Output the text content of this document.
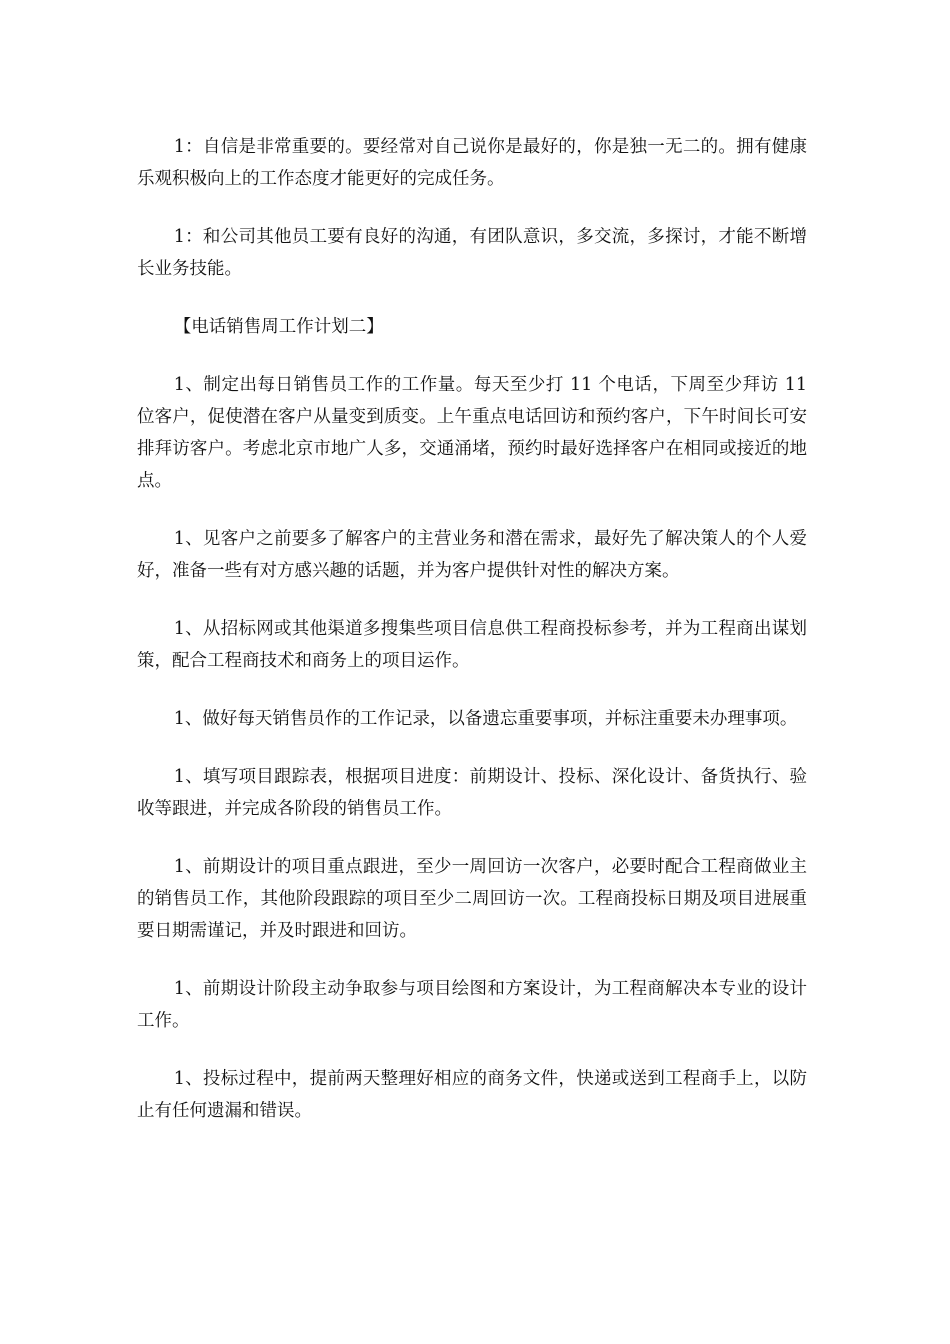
1：自信是非常重要的。要经常对自己说你是最好的，你是独一无二的。拥有健康乐观积极向上的工作态度才能更好的完成任务。

1：和公司其他员工要有良好的沟通，有团队意识，多交流，多探讨，才能不断增长业务技能。

【电话销售周工作计划二】

1、制定出每日销售员工作的工作量。每天至少打 11 个电话，下周至少拜访 11 位客户，促使潜在客户从量变到质变。上午重点电话回访和预约客户，下午时间长可安排拜访客户。考虑北京市地广人多，交通涌堵，预约时最好选择客户在相同或接近的地点。

1、见客户之前要多了解客户的主营业务和潜在需求，最好先了解决策人的个人爱好，准备一些有对方感兴趣的话题，并为客户提供针对性的解决方案。

1、从招标网或其他渠道多搜集些项目信息供工程商投标参考，并为工程商出谋划策，配合工程商技术和商务上的项目运作。

1、做好每天销售员作的工作记录，以备遗忘重要事项，并标注重要未办理事项。

1、填写项目跟踪表，根据项目进度：前期设计、投标、深化设计、备货执行、验收等跟进，并完成各阶段的销售员工作。

1、前期设计的项目重点跟进，至少一周回访一次客户，必要时配合工程商做业主的销售员工作，其他阶段跟踪的项目至少二周回访一次。工程商投标日期及项目进展重要日期需谨记，并及时跟进和回访。

1、前期设计阶段主动争取参与项目绘图和方案设计，为工程商解决本专业的设计工作。

1、投标过程中，提前两天整理好相应的商务文件，快递或送到工程商手上，以防止有任何遗漏和错误。
